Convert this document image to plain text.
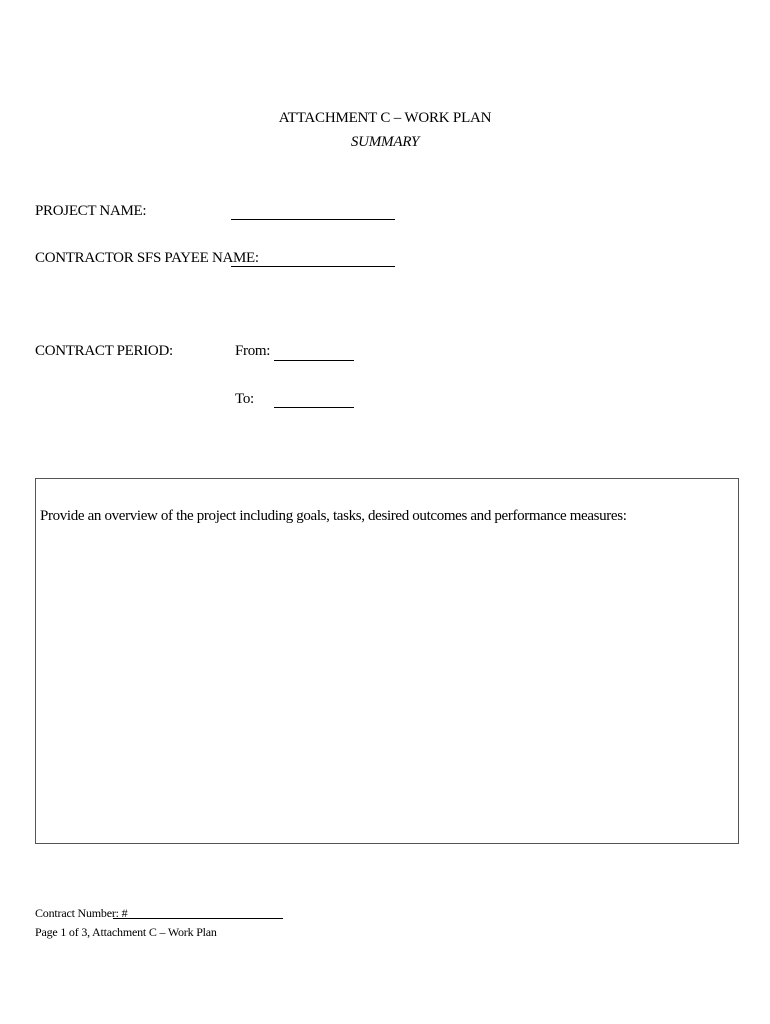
ATTACHMENT C – WORK PLAN
SUMMARY
PROJECT NAME:
CONTRACTOR SFS PAYEE NAME:
CONTRACT PERIOD:	From:
To:
Provide an overview of the project including goals, tasks, desired outcomes and performance measures:
Contract Number: #
Page 1 of 3, Attachment C – Work Plan
